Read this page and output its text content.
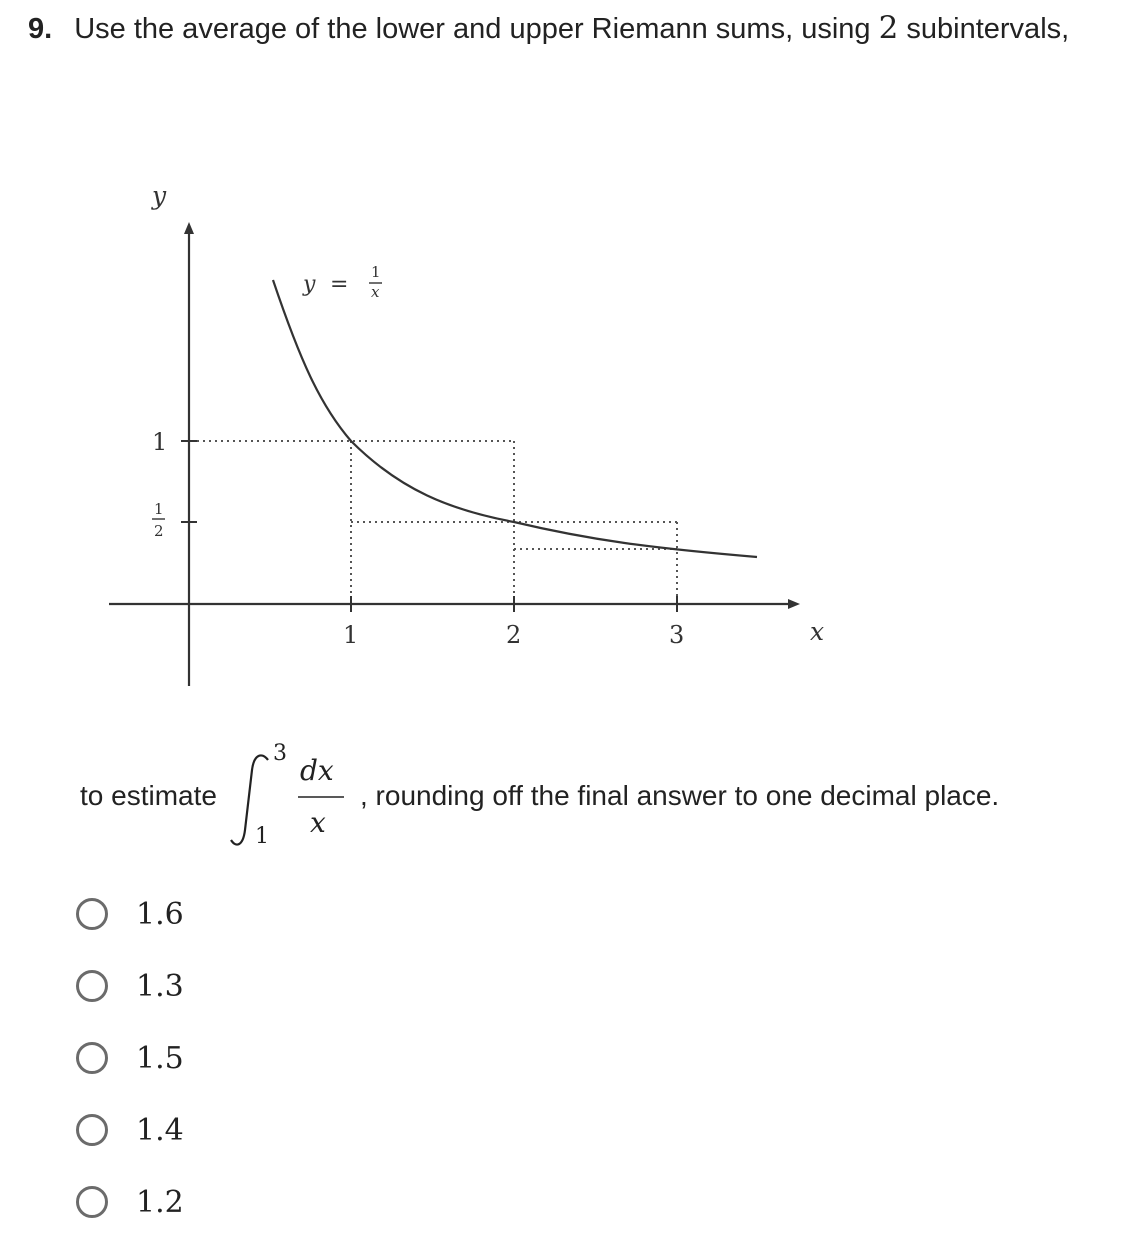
9. Use the average of the lower and upper Riemann sums, using 2 subintervals,
y
x
1
1
2
1	2	3
y = 1
x
to estimate
3
1
dx
x
, rounding off the final answer to one decimal place.
1.6
1.3
1.5
1.4
1.2
